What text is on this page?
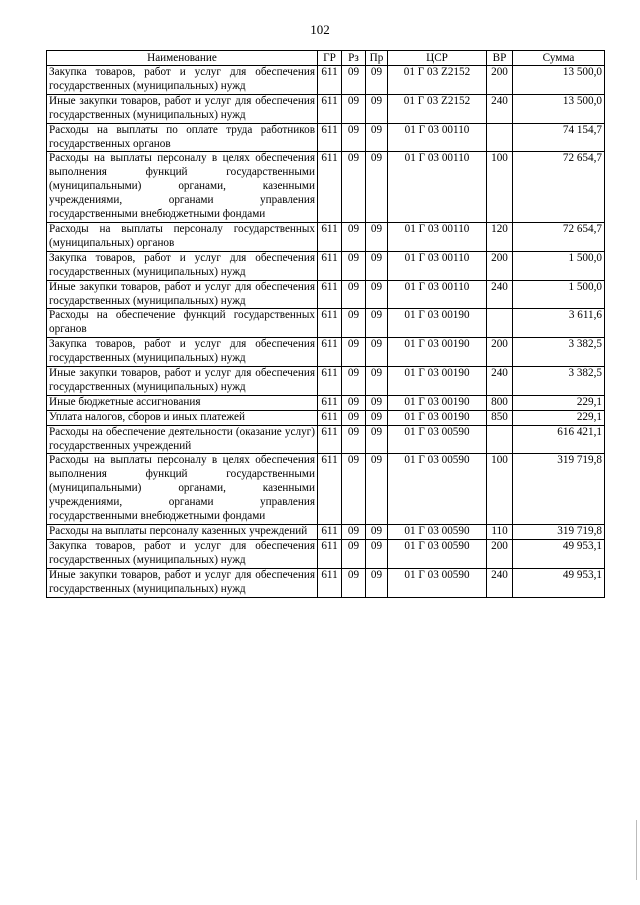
102
Наименование	ГР	Рз	Пр	ЦСР	ВР	Сумма
Закупка товаров, работ и услуг для обеспечения государственных (муниципальных) нужд	611	09	09	01 Г 03 Z2152	200	13 500,0
Иные закупки товаров, работ и услуг для обеспечения государственных (муниципальных) нужд	611	09	09	01 Г 03 Z2152	240	13 500,0
Расходы на выплаты по оплате труда работников государственных органов	611	09	09	01 Г 03 00110		74 154,7
Расходы на выплаты персоналу в целях обеспечения выполнения функций государственными (муниципальными) органами, казенными учреждениями, органами управления государственными внебюджетными фондами	611	09	09	01 Г 03 00110	100	72 654,7
Расходы на выплаты персоналу государственных (муниципальных) органов	611	09	09	01 Г 03 00110	120	72 654,7
Закупка товаров, работ и услуг для обеспечения государственных (муниципальных) нужд	611	09	09	01 Г 03 00110	200	1 500,0
Иные закупки товаров, работ и услуг для обеспечения государственных (муниципальных) нужд	611	09	09	01 Г 03 00110	240	1 500,0
Расходы на обеспечение функций государственных органов	611	09	09	01 Г 03 00190		3 611,6
Закупка товаров, работ и услуг для обеспечения государственных (муниципальных) нужд	611	09	09	01 Г 03 00190	200	3 382,5
Иные закупки товаров, работ и услуг для обеспечения государственных (муниципальных) нужд	611	09	09	01 Г 03 00190	240	3 382,5
Иные бюджетные ассигнования	611	09	09	01 Г 03 00190	800	229,1
Уплата налогов, сборов и иных платежей	611	09	09	01 Г 03 00190	850	229,1
Расходы на обеспечение деятельности (оказание услуг) государственных учреждений	611	09	09	01 Г 03 00590		616 421,1
Расходы на выплаты персоналу в целях обеспечения выполнения функций государственными (муниципальными) органами, казенными учреждениями, органами управления государственными внебюджетными фондами	611	09	09	01 Г 03 00590	100	319 719,8
Расходы на выплаты персоналу казенных учреждений	611	09	09	01 Г 03 00590	110	319 719,8
Закупка товаров, работ и услуг для обеспечения государственных (муниципальных) нужд	611	09	09	01 Г 03 00590	200	49 953,1
Иные закупки товаров, работ и услуг для обеспечения государственных (муниципальных) нужд	611	09	09	01 Г 03 00590	240	49 953,1
